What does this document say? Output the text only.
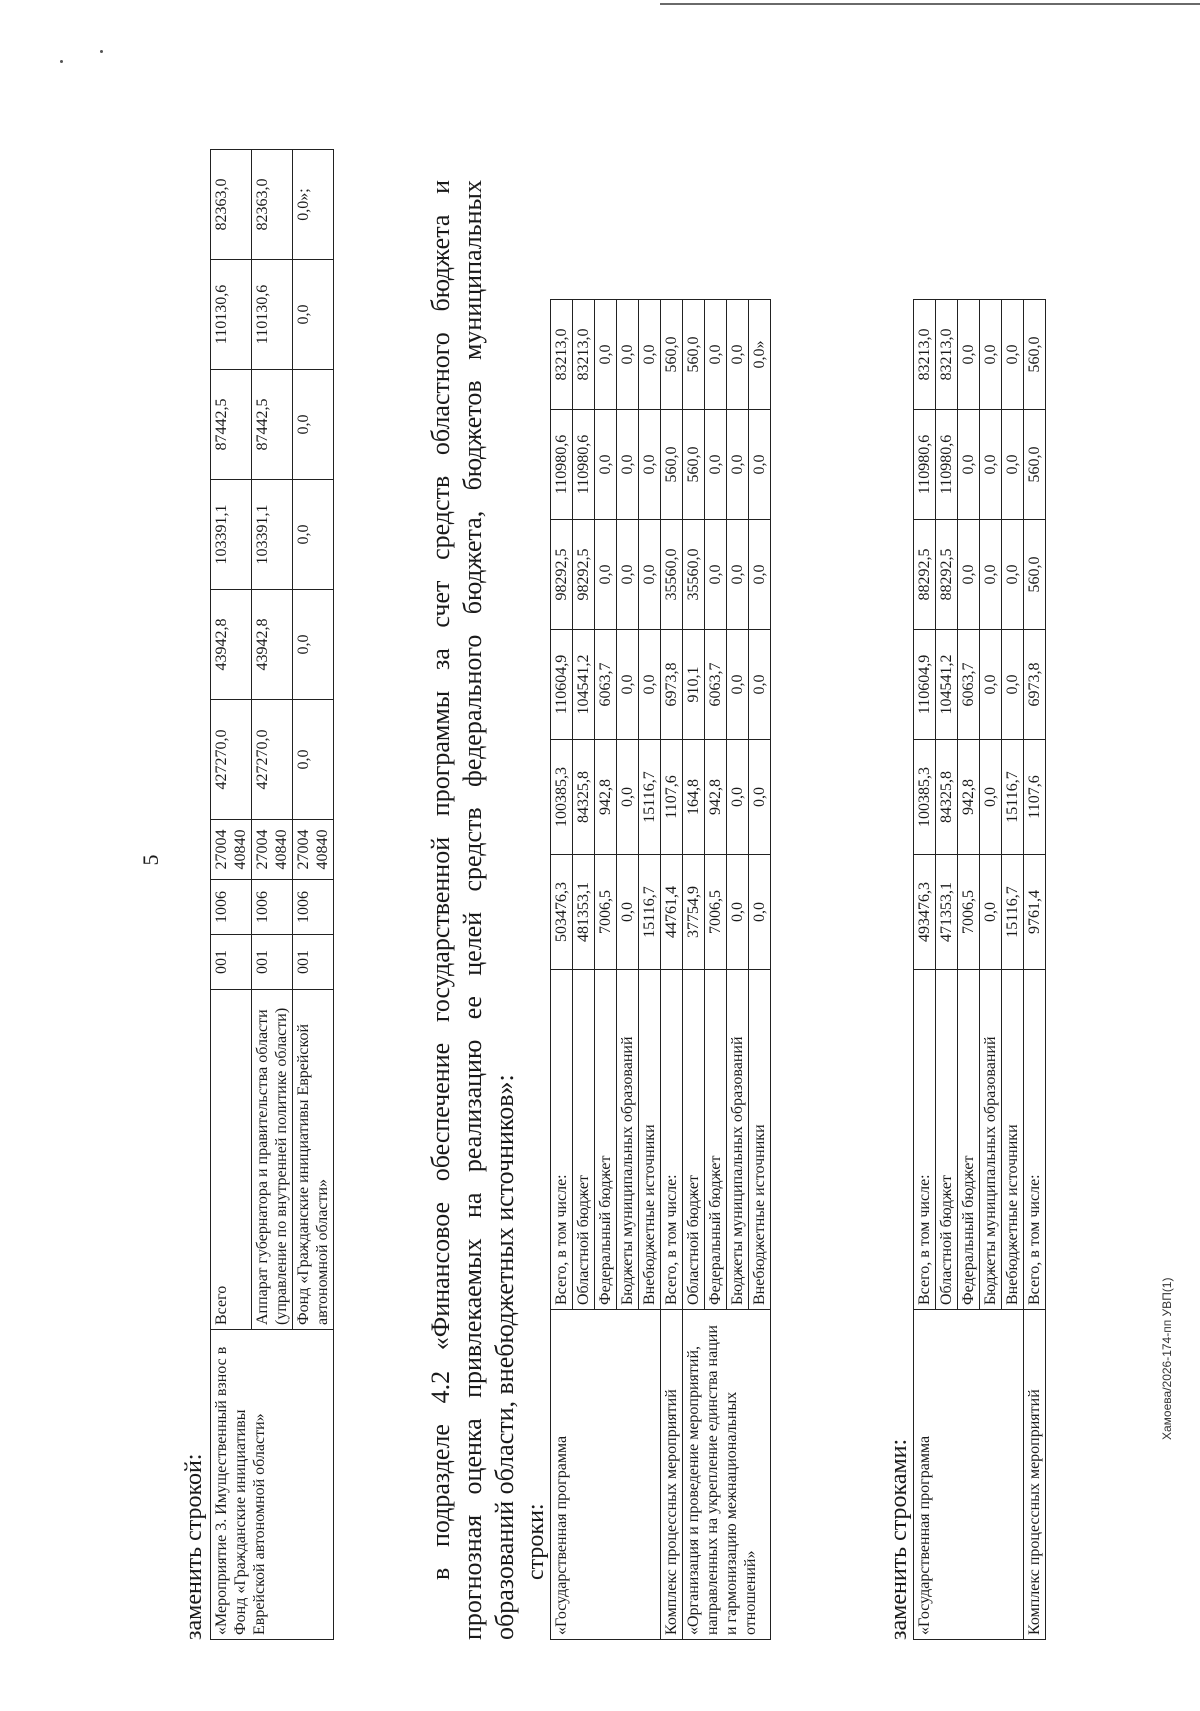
Хамоева/2026-174-пп УВП(1)
5
заменить строкой: «Мероприятие 3. Имущественный взнос в Фонд «Гражданские инициативы Еврейской автономной области»	Всего	001	1006	27004 40840	427270,0	43942,8	103391,1	87442,5	110130,6	82363,0
	Аппарат губернатора и правительства области (управление по внутренней политике области)	001	1006	27004 40840	427270,0	43942,8	103391,1	87442,5	110130,6	82363,0
	Фонд «Гражданские инициативы Еврейской автономной области»	001	1006	27004 40840	0,0	0,0	0,0	0,0	0,0	0,0»;	в подразделе 4.2 «Финансовое обеспечение государственной программы за счет средств областного бюджета и прогнозная оценка привлекаемых на реализацию ее целей средств федерального бюджета, бюджетов муниципальных образований области, внебюджетных источников»: строки: «Государственная программа	Всего, в том числе:	503476,3	100385,3	110604,9	98292,5	110980,6	83213,0
	Областной бюджет	481353,1	84325,8	104541,2	98292,5	110980,6	83213,0
	Федеральный бюджет	7006,5	942,8	6063,7	0,0	0,0	0,0
	Бюджеты муниципальных образований	0,0	0,0	0,0	0,0	0,0	0,0
	Внебюджетные источники	15116,7	15116,7	0,0	0,0	0,0	0,0
Комплекс процессных мероприятий	Всего, в том числе:	44761,4	1107,6	6973,8	35560,0	560,0	560,0
«Организация и проведение мероприятий, направленных на укрепление единства нации и гармонизацию межнациональных отношений»	Областной бюджет	37754,9	164,8	910,1	35560,0	560,0	560,0
	Федеральный бюджет	7006,5	942,8	6063,7	0,0	0,0	0,0
	Бюджеты муниципальных образований	0,0	0,0	0,0	0,0	0,0	0,0
	Внебюджетные источники	0,0	0,0	0,0	0,0	0,0	0,0»
заменить строками: «Государственная программа	Всего, в том числе:	493476,3	100385,3	110604,9	88292,5	110980,6	83213,0
	Областной бюджет	471353,1	84325,8	104541,2	88292,5	110980,6	83213,0
	Федеральный бюджет	7006,5	942,8	6063,7	0,0	0,0	0,0
	Бюджеты муниципальных образований	0,0	0,0	0,0	0,0	0,0	0,0
	Внебюджетные источники	15116,7	15116,7	0,0	0,0	0,0	0,0
Комплекс процессных мероприятий	Всего, в том числе:	9761,4	1107,6	6973,8	560,0	560,0	560,0
